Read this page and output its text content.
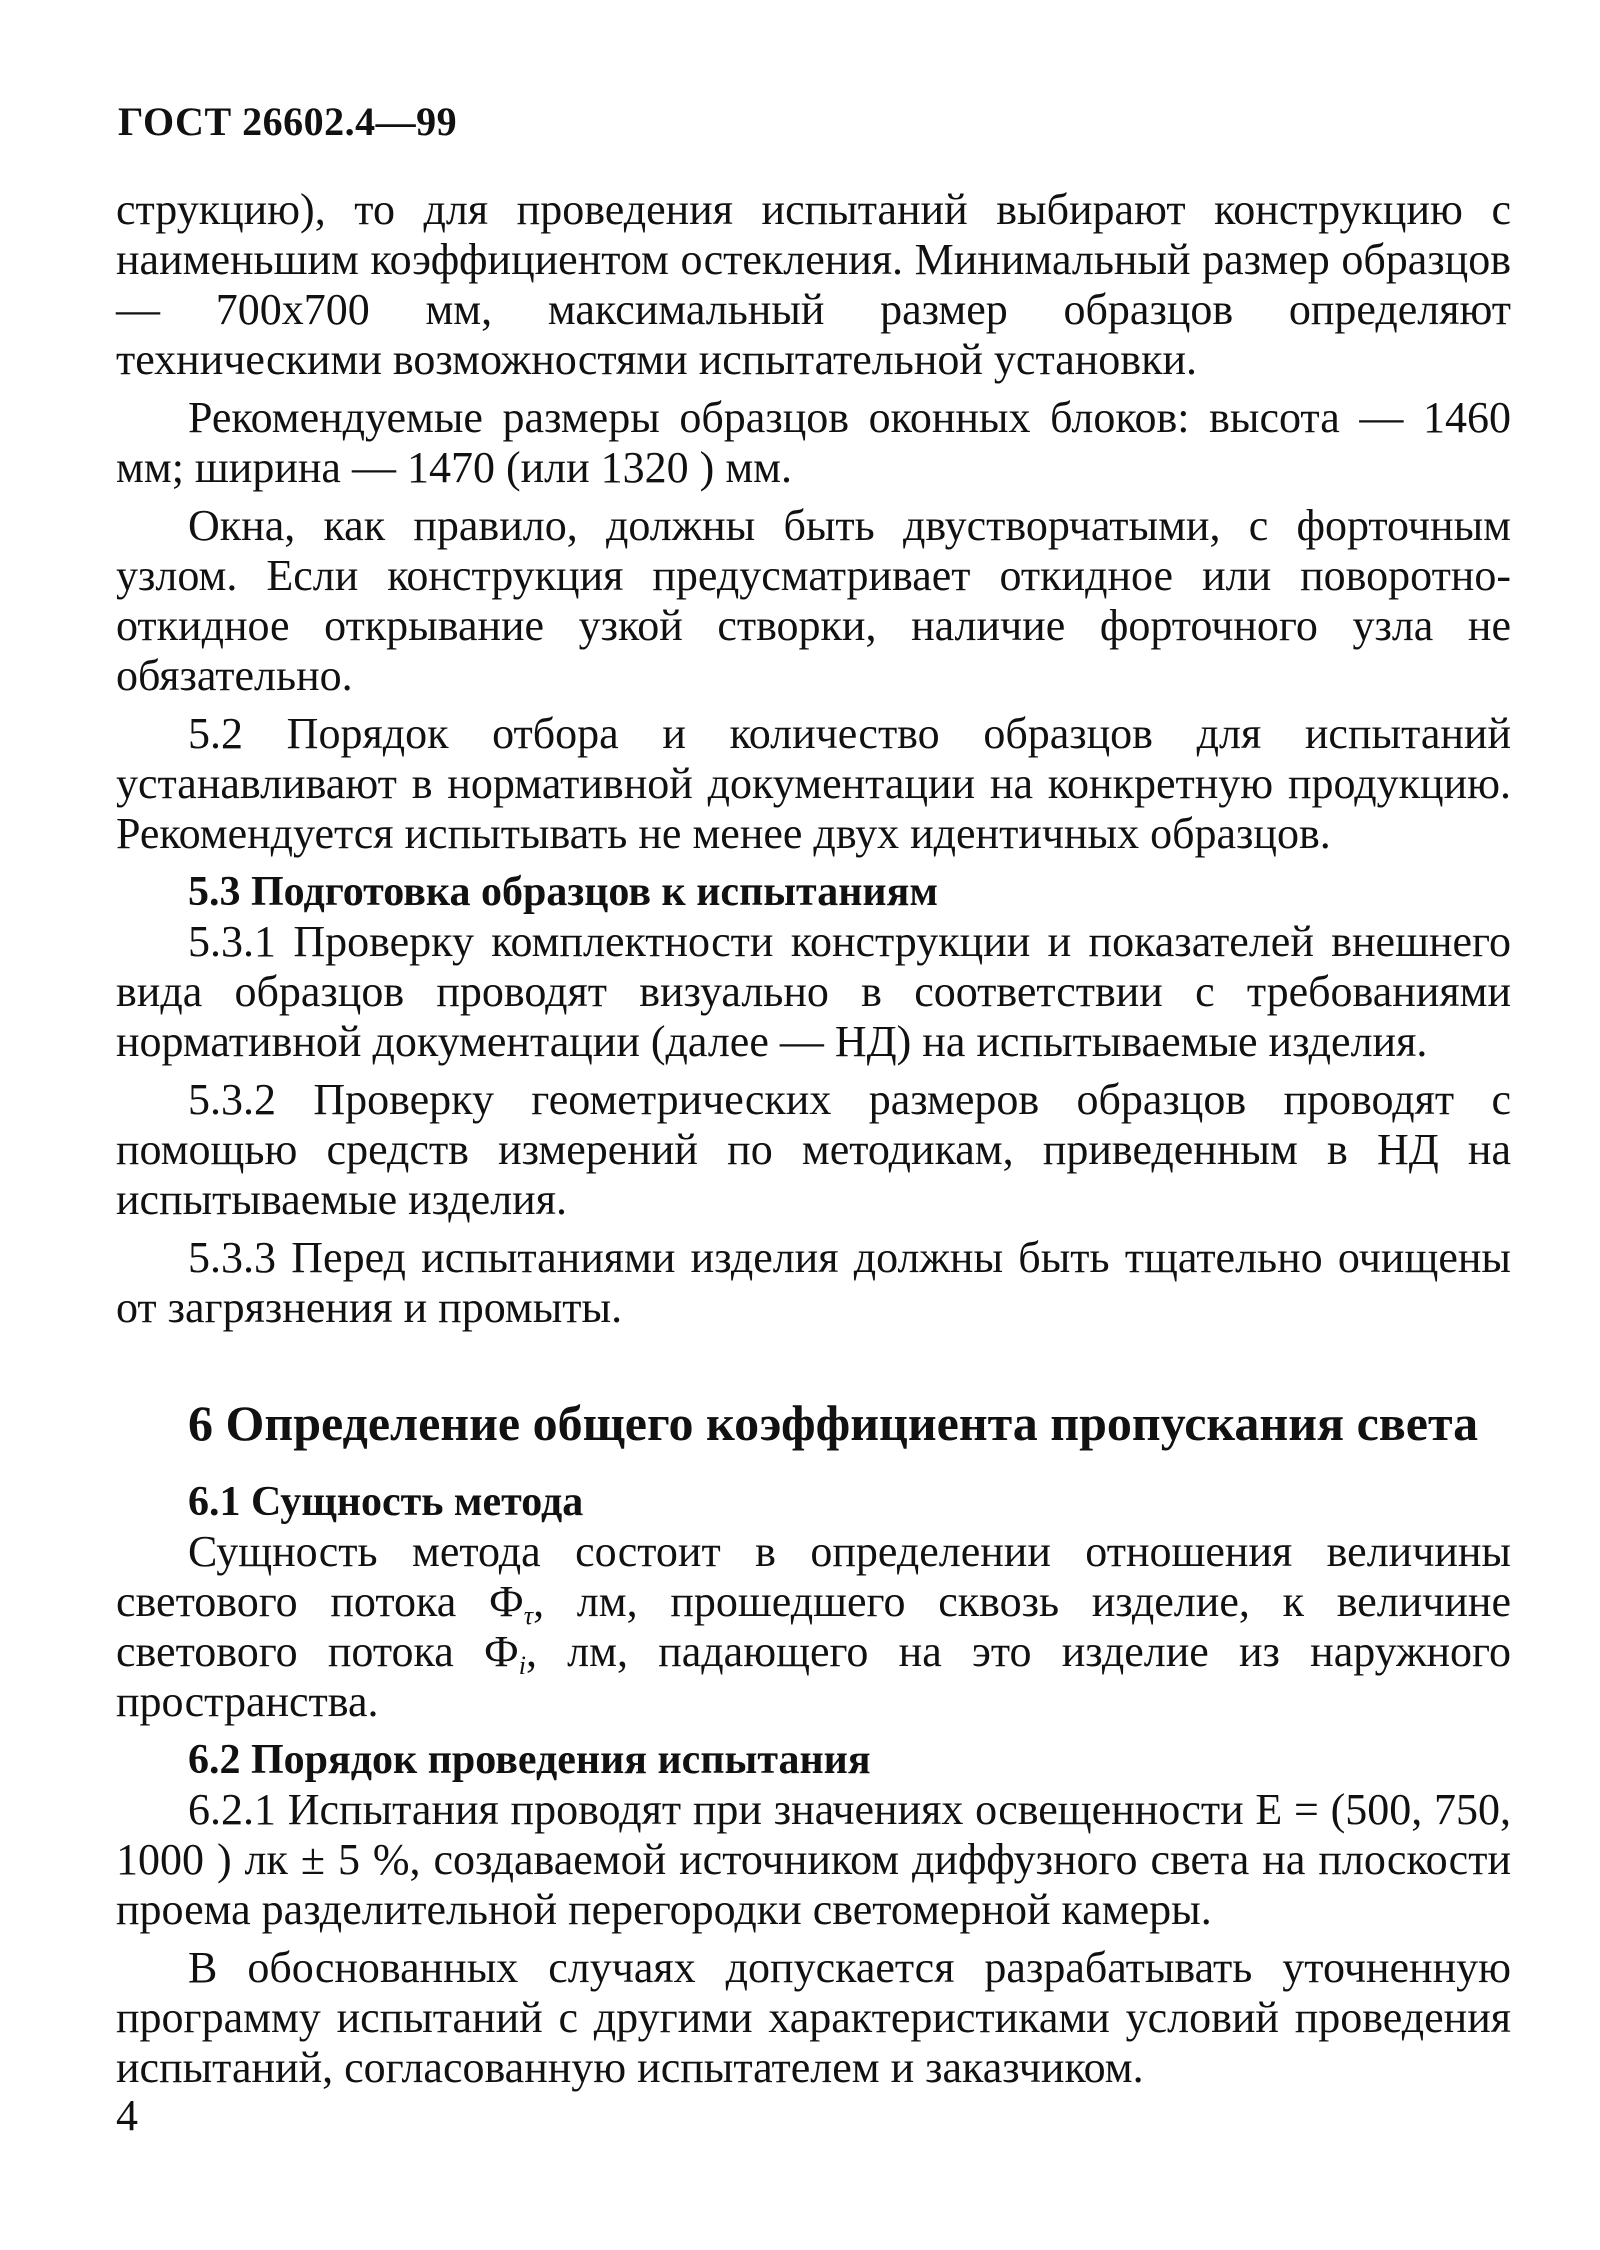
ГОСТ 26602.4—99

струкцию), то для проведения испытаний выбирают конструкцию с наименьшим коэффициентом остекления. Минимальный размер образцов — 700х700 мм, максимальный размер образцов определяют техническими возможностями испытательной установки.

Рекомендуемые размеры образцов оконных блоков: высота — 1460 мм; ширина — 1470 (или 1320 ) мм.

Окна, как правило, должны быть двустворчатыми, с форточным узлом. Если конструкция предусматривает откидное или поворотно-откидное открывание узкой створки, наличие форточного узла не обязательно.

5.2 Порядок отбора и количество образцов для испытаний устанавливают в нормативной документации на конкретную продукцию. Рекомендуется испытывать не менее двух идентичных образцов.

5.3 Подготовка образцов к испытаниям

5.3.1 Проверку комплектности конструкции и показателей внешнего вида образцов проводят визуально в соответствии с требованиями нормативной документации (далее — НД) на испытываемые изделия.

5.3.2 Проверку геометрических размеров образцов проводят с помощью средств измерений по методикам, приведенным в НД на испытываемые изделия.

5.3.3 Перед испытаниями изделия должны быть тщательно очищены от загрязнения и промыты.

6 Определение общего коэффициента пропускания света
6.1 Сущность метода

Сущность метода состоит в определении отношения величины светового потока $Ф_\tau$, лм, прошедшего сквозь изделие, к величине светового потока $Ф_i$, лм, падающего на это изделие из наружного пространства.

6.2 Порядок проведения испытания

6.2.1 Испытания проводят при значениях освещенности Е = (500, 750, 1000 ) лк ± 5 %, создаваемой источником диффузного света на плоскости проема разделительной перегородки светомерной камеры.

В обоснованных случаях допускается разрабатывать уточненную программу испытаний с другими характеристиками условий проведения испытаний, согласованную испытателем и заказчиком.

4
